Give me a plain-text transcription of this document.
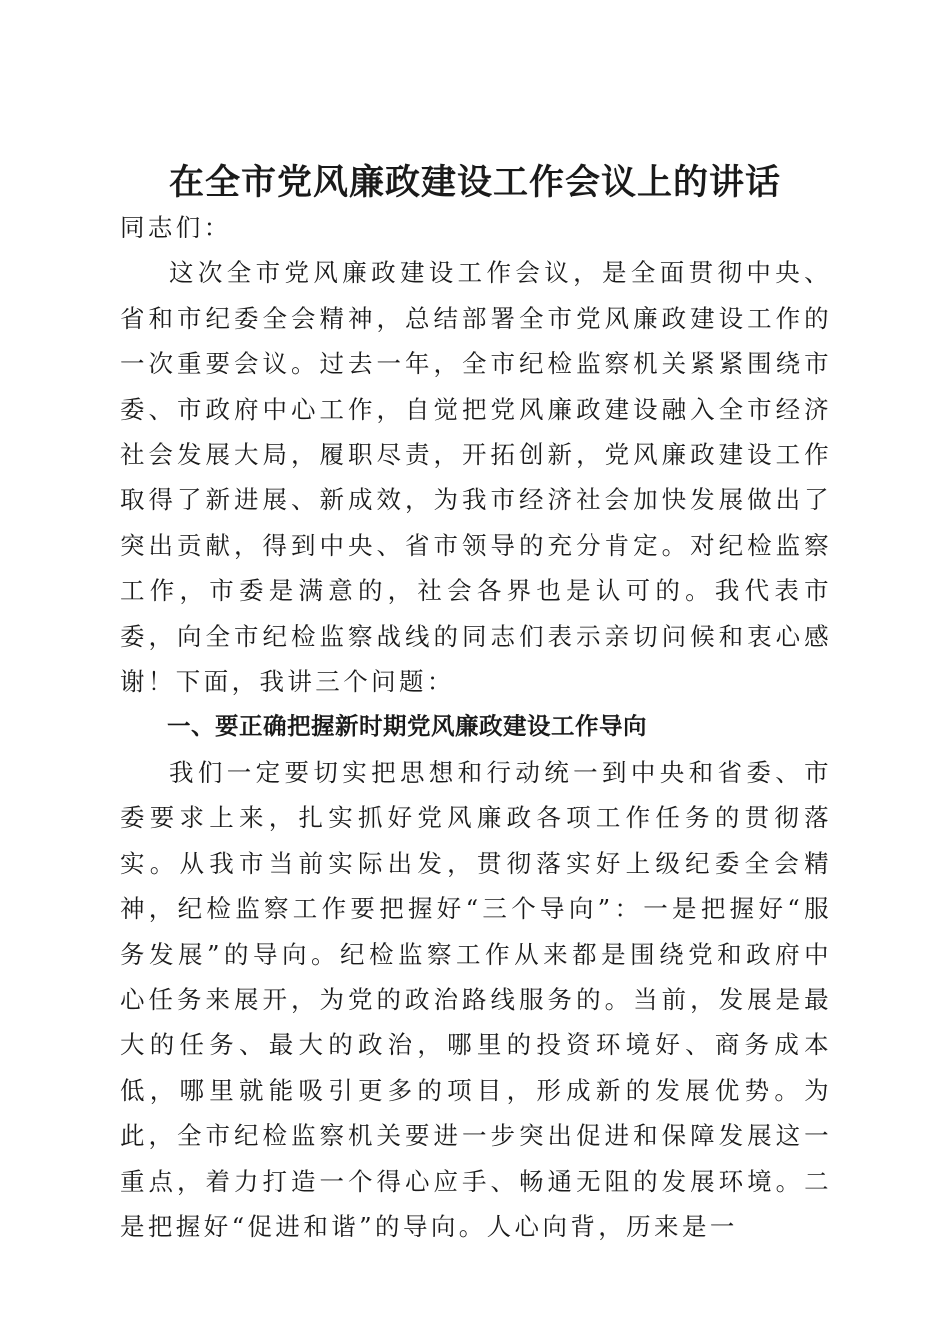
在全市党风廉政建设工作会议上的讲话

同志们：

这次全市党风廉政建设工作会议，是全面贯彻中央、省和市纪委全会精神，总结部署全市党风廉政建设工作的一次重要会议。过去一年，全市纪检监察机关紧紧围绕市委、市政府中心工作，自觉把党风廉政建设融入全市经济社会发展大局，履职尽责，开拓创新，党风廉政建设工作取得了新进展、新成效，为我市经济社会加快发展做出了突出贡献，得到中央、省市领导的充分肯定。对纪检监察工作，市委是满意的，社会各界也是认可的。我代表市委，向全市纪检监察战线的同志们表示亲切问候和衷心感谢！下面，我讲三个问题：

一、要正确把握新时期党风廉政建设工作导向

我们一定要切实把思想和行动统一到中央和省委、市委要求上来，扎实抓好党风廉政各项工作任务的贯彻落实。从我市当前实际出发，贯彻落实好上级纪委全会精神，纪检监察工作要把握好“三个导向”：一是把握好“服务发展”的导向。纪检监察工作从来都是围绕党和政府中心任务来展开，为党的政治路线服务的。当前，发展是最大的任务、最大的政治，哪里的投资环境好、商务成本低，哪里就能吸引更多的项目，形成新的发展优势。为此，全市纪检监察机关要进一步突出促进和保障发展这一重点，着力打造一个得心应手、畅通无阻的发展环境。二是把握好“促进和谐”的导向。人心向背，历来是一
